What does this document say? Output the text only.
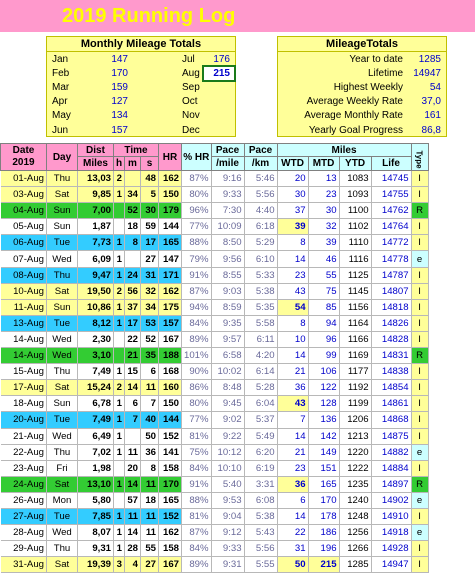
2019 Running Log
Monthly Mileage Totals
Jan	147
Feb	170
Mar	159
Apr	127
May	134
Jun	157
Jul	176
Aug	215
Sep
Oct
Nov
Dec
MileageTotals
Year to date	1285
Lifetime	14947
Highest Weekly	54
Average Weekly Rate	37,0
Average Monthly Rate	161
Yearly Goal Progress	86,8
Date
2019	Day	Dist	Time			HR	% HR	Pace	Pace	Miles				Type

		Miles	h	m	s			/mile	/km	WTD	MTD	YTD	Life	
01-Aug	Thu	13,03	2		48	162	87%	9:16	5:46	20	13	1083	14745	I
03-Aug	Sat	9,85	1	34	5	150	80%	9:33	5:56	30	23	1093	14755	I
04-Aug	Sun	7,00		52	30	179	96%	7:30	4:40	37	30	1100	14762	R
05-Aug	Sun	1,87		18	59	144	77%	10:09	6:18	39	32	1102	14764	I
06-Aug	Tue	7,73	1	8	17	165	88%	8:50	5:29	8	39	1110	14772	I
07-Aug	Wed	6,09	1		27	147	79%	9:56	6:10	14	46	1116	14778	e
08-Aug	Thu	9,47	1	24	31	171	91%	8:55	5:33	23	55	1125	14787	I
10-Aug	Sat	19,50	2	56	32	162	87%	9:03	5:38	43	75	1145	14807	I
11-Aug	Sun	10,86	1	37	34	175	94%	8:59	5:35	54	85	1156	14818	I
13-Aug	Tue	8,12	1	17	53	157	84%	9:35	5:58	8	94	1164	14826	I
14-Aug	Wed	2,30		22	52	167	89%	9:57	6:11	10	96	1166	14828	I
14-Aug	Wed	3,10		21	35	188	101%	6:58	4:20	14	99	1169	14831	R
15-Aug	Thu	7,49	1	15	6	168	90%	10:02	6:14	21	106	1177	14838	I
17-Aug	Sat	15,24	2	14	11	160	86%	8:48	5:28	36	122	1192	14854	I
18-Aug	Sun	6,78	1	6	7	150	80%	9:45	6:04	43	128	1199	14861	I
20-Aug	Tue	7,49	1	7	40	144	77%	9:02	5:37	7	136	1206	14868	I
21-Aug	Wed	6,49	1		50	152	81%	9:22	5:49	14	142	1213	14875	I
22-Aug	Thu	7,02	1	11	36	141	75%	10:12	6:20	21	149	1220	14882	e
23-Aug	Fri	1,98		20	8	158	84%	10:10	6:19	23	151	1222	14884	I
24-Aug	Sat	13,10	1	14	11	170	91%	5:40	3:31	36	165	1235	14897	R
26-Aug	Mon	5,80		57	18	165	88%	9:53	6:08	6	170	1240	14902	e
27-Aug	Tue	7,85	1	11	11	152	81%	9:04	5:38	14	178	1248	14910	I
28-Aug	Wed	8,07	1	14	11	162	87%	9:12	5:43	22	186	1256	14918	e
29-Aug	Thu	9,31	1	28	55	158	84%	9:33	5:56	31	196	1266	14928	I
31-Aug	Sat	19,39	3	4	27	167	89%	9:31	5:55	50	215	1285	14947	I
